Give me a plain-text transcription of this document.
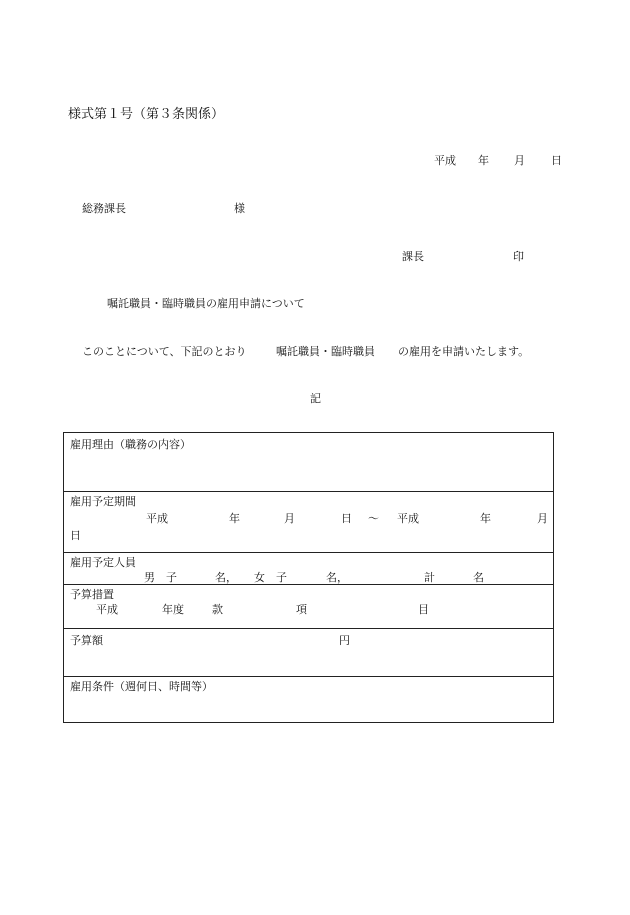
様式第１号（第３条関係）
平成 年 月 日
総務課長	様
課長	印
嘱託職員・臨時職員の雇用申請について
このことについて、下記のとおり	嘱託職員・臨時職員 の雇用を申請いたします。
記
雇用理由（職務の内容）
雇用予定期間
平成	年	月	日 ～ 平成	年	月
日
雇用予定人員
男　子	名， 女　子	名，	計	名
予算措置
平成	年度	款	項	目
予算額	円
雇用条件（週何日、時間等）
